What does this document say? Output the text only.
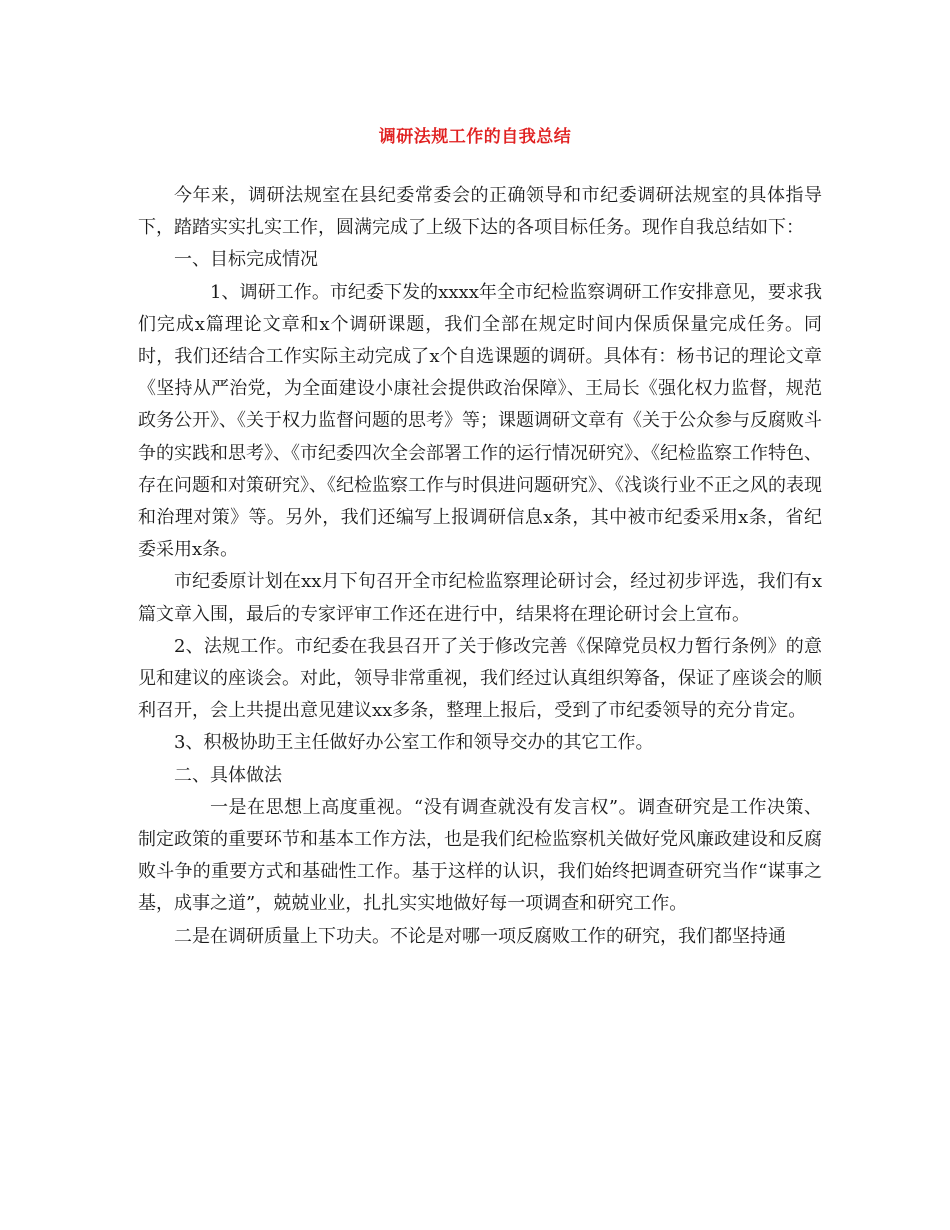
调研法规工作的自我总结

今年来，调研法规室在县纪委常委会的正确领导和市纪委调研法规室的具体指导下，踏踏实实扎实工作，圆满完成了上级下达的各项目标任务。现作自我总结如下：

一、目标完成情况

1、调研工作。市纪委下发的xxxx年全市纪检监察调研工作安排意见，要求我们完成x篇理论文章和x个调研课题，我们全部在规定时间内保质保量完成任务。同时，我们还结合工作实际主动完成了x个自选课题的调研。具体有：杨书记的理论文章《坚持从严治党，为全面建设小康社会提供政治保障》、王局长《强化权力监督，规范政务公开》、《关于权力监督问题的思考》等；课题调研文章有《关于公众参与反腐败斗争的实践和思考》、《市纪委四次全会部署工作的运行情况研究》、《纪检监察工作特色、存在问题和对策研究》、《纪检监察工作与时俱进问题研究》、《浅谈行业不正之风的表现和治理对策》等。另外，我们还编写上报调研信息x条，其中被市纪委采用x条，省纪委采用x条。

市纪委原计划在xx月下旬召开全市纪检监察理论研讨会，经过初步评选，我们有x篇文章入围，最后的专家评审工作还在进行中，结果将在理论研讨会上宣布。

2、法规工作。市纪委在我县召开了关于修改完善《保障党员权力暂行条例》的意见和建议的座谈会。对此，领导非常重视，我们经过认真组织筹备，保证了座谈会的顺利召开，会上共提出意见建议xx多条，整理上报后，受到了市纪委领导的充分肯定。

3、积极协助王主任做好办公室工作和领导交办的其它工作。

二、具体做法

一是在思想上高度重视。“没有调查就没有发言权”。调查研究是工作决策、制定政策的重要环节和基本工作方法，也是我们纪检监察机关做好党风廉政建设和反腐败斗争的重要方式和基础性工作。基于这样的认识，我们始终把调查研究当作“谋事之基，成事之道”，兢兢业业，扎扎实实地做好每一项调查和研究工作。

二是在调研质量上下功夫。不论是对哪一项反腐败工作的研究，我们都坚持通
